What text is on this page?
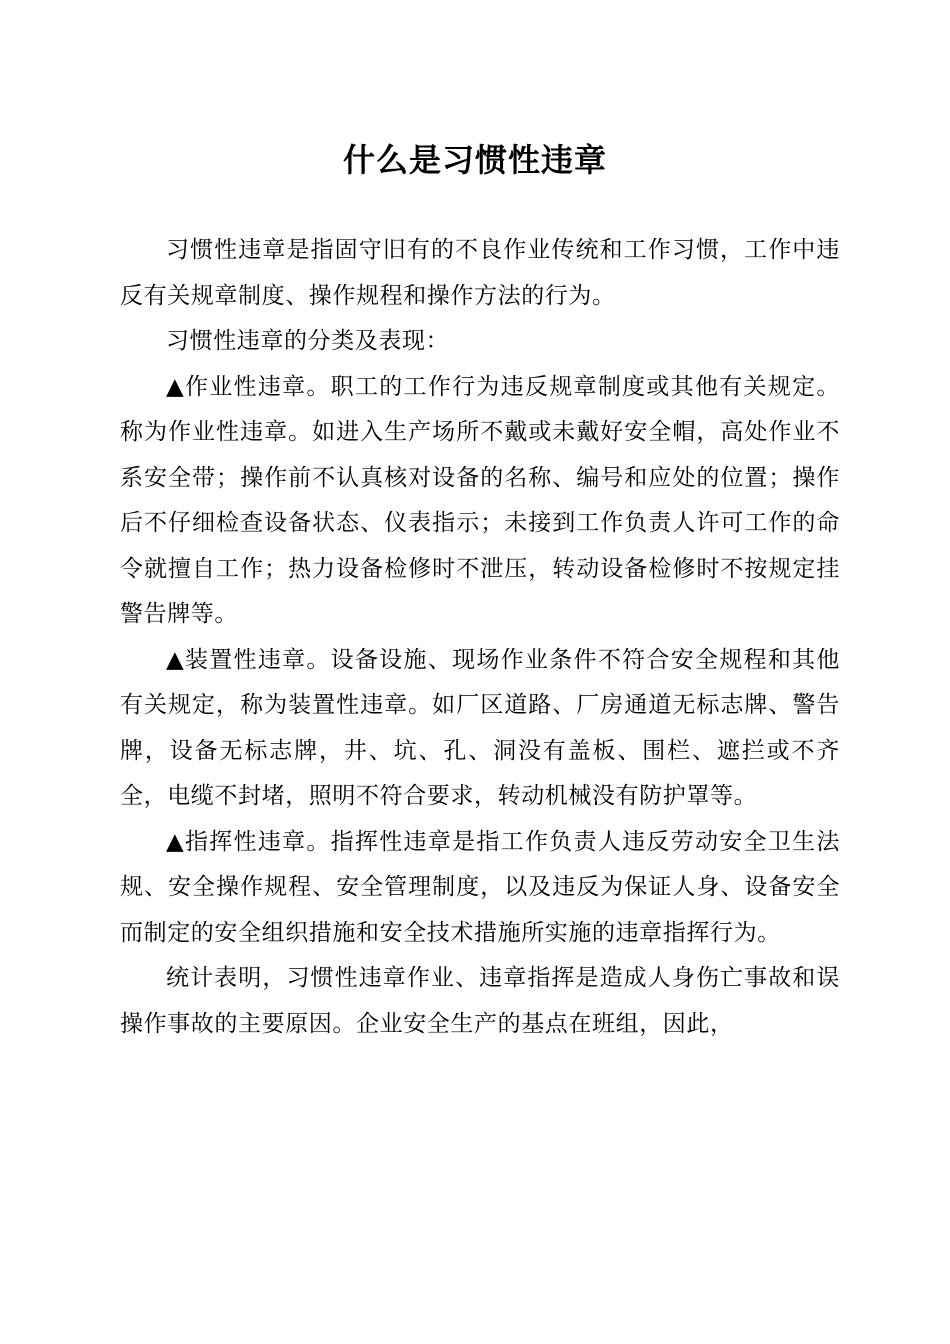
什么是习惯性违章

习惯性违章是指固守旧有的不良作业传统和工作习惯，工作中违反有关规章制度、操作规程和操作方法的行为。

习惯性违章的分类及表现：

▲作业性违章。职工的工作行为违反规章制度或其他有关规定。称为作业性违章。如进入生产场所不戴或未戴好安全帽，高处作业不系安全带；操作前不认真核对设备的名称、编号和应处的位置；操作后不仔细检查设备状态、仪表指示；未接到工作负责人许可工作的命令就擅自工作；热力设备检修时不泄压，转动设备检修时不按规定挂警告牌等。

▲装置性违章。设备设施、现场作业条件不符合安全规程和其他有关规定，称为装置性违章。如厂区道路、厂房通道无标志牌、警告牌，设备无标志牌，井、坑、孔、洞没有盖板、围栏、遮拦或不齐全，电缆不封堵，照明不符合要求，转动机械没有防护罩等。

▲指挥性违章。指挥性违章是指工作负责人违反劳动安全卫生法规、安全操作规程、安全管理制度，以及违反为保证人身、设备安全而制定的安全组织措施和安全技术措施所实施的违章指挥行为。

统计表明，习惯性违章作业、违章指挥是造成人身伤亡事故和误操作事故的主要原因。企业安全生产的基点在班组，因此，
